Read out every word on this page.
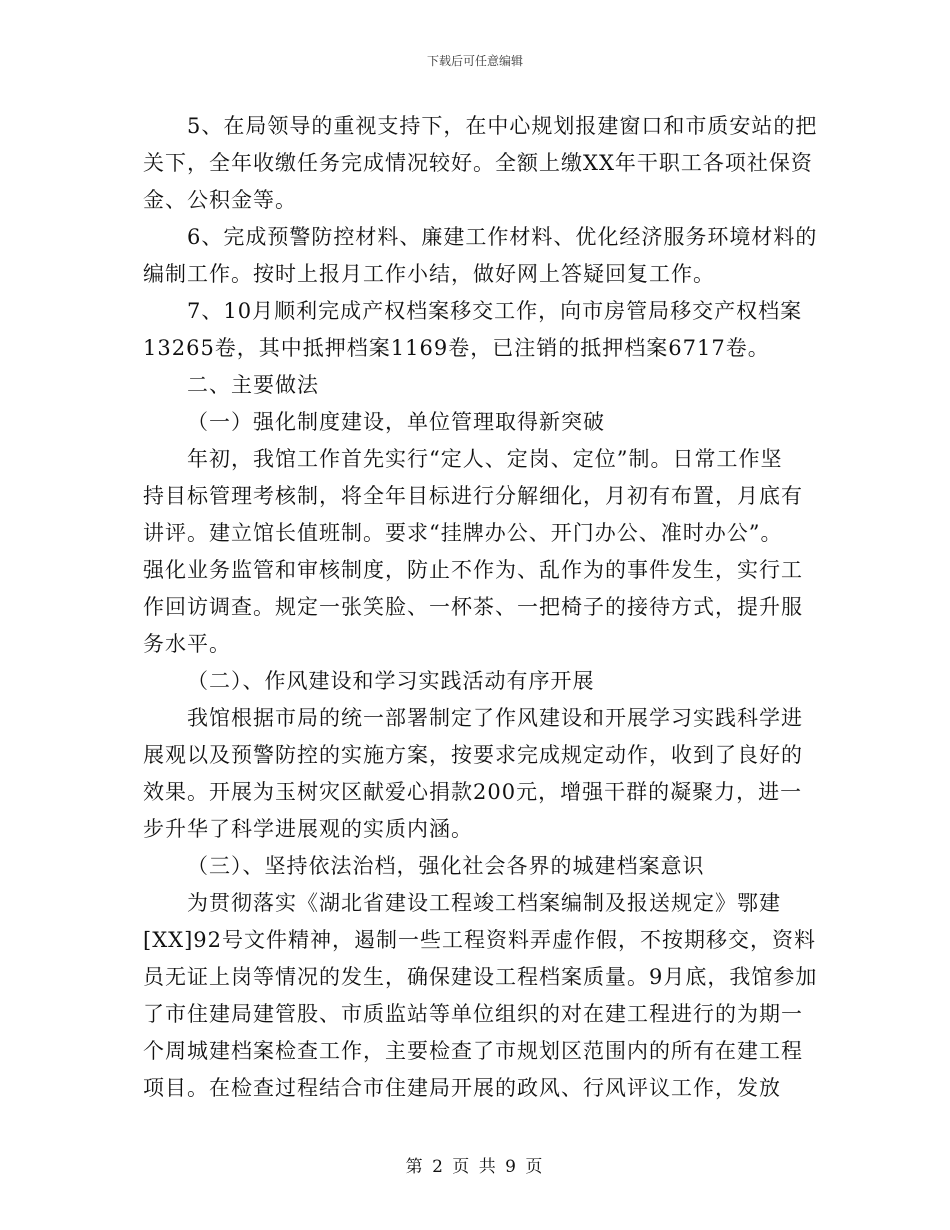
下载后可任意编辑
5、在局领导的重视支持下，在中心规划报建窗口和市质安站的把
关下，全年收缴任务完成情况较好。全额上缴XX年干职工各项社保资
金、公积金等。
6、完成预警防控材料、廉建工作材料、优化经济服务环境材料的
编制工作。按时上报月工作小结，做好网上答疑回复工作。
7、10月顺利完成产权档案移交工作，向市房管局移交产权档案
13265卷，其中抵押档案1169卷，已注销的抵押档案6717卷。
二、主要做法
（一）强化制度建设，单位管理取得新突破
年初，我馆工作首先实行“定人、定岗、定位”制。日常工作坚
持目标管理考核制，将全年目标进行分解细化，月初有布置，月底有
讲评。建立馆长值班制。要求“挂牌办公、开门办公、准时办公”。
强化业务监管和审核制度，防止不作为、乱作为的事件发生，实行工
作回访调查。规定一张笑脸、一杯茶、一把椅子的接待方式，提升服
务水平。
（二）、作风建设和学习实践活动有序开展
我馆根据市局的统一部署制定了作风建设和开展学习实践科学进
展观以及预警防控的实施方案，按要求完成规定动作，收到了良好的
效果。开展为玉树灾区献爱心捐款200元，增强干群的凝聚力，进一
步升华了科学进展观的实质内涵。
（三）、坚持依法治档，强化社会各界的城建档案意识
为贯彻落实《湖北省建设工程竣工档案编制及报送规定》鄂建
[XX]92号文件精神，遏制一些工程资料弄虚作假，不按期移交，资料
员无证上岗等情况的发生，确保建设工程档案质量。9月底，我馆参加
了市住建局建管股、市质监站等单位组织的对在建工程进行的为期一
个周城建档案检查工作，主要检查了市规划区范围内的所有在建工程
项目。在检查过程结合市住建局开展的政风、行风评议工作，发放
第 2 页 共 9 页
